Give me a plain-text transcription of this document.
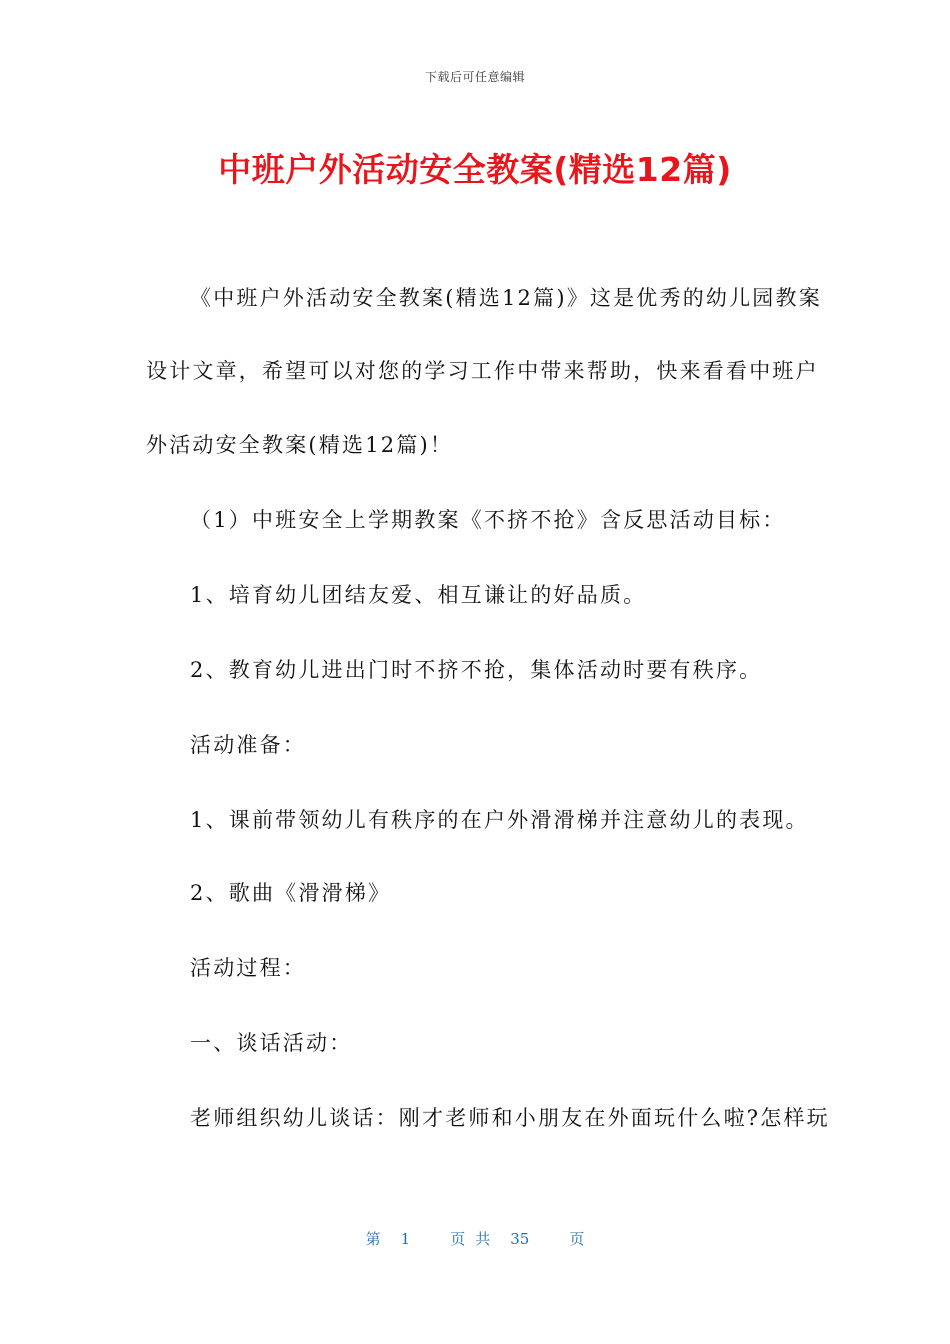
下载后可任意编辑
中班户外活动安全教案(精选12篇)
《中班户外活动安全教案(精选12篇)》这是优秀的幼儿园教案
设计文章，希望可以对您的学习工作中带来帮助，快来看看中班户
外活动安全教案(精选12篇)！
（1）中班安全上学期教案《不挤不抢》含反思活动目标：
1、培育幼儿团结友爱、相互谦让的好品质。
2、教育幼儿进出门时不挤不抢，集体活动时要有秩序。
活动准备：
1、课前带领幼儿有秩序的在户外滑滑梯并注意幼儿的表现。
2、歌曲《滑滑梯》
活动过程：
一、谈话活动：
老师组织幼儿谈话：刚才老师和小朋友在外面玩什么啦?怎样玩
第 1	页 共 35	页
